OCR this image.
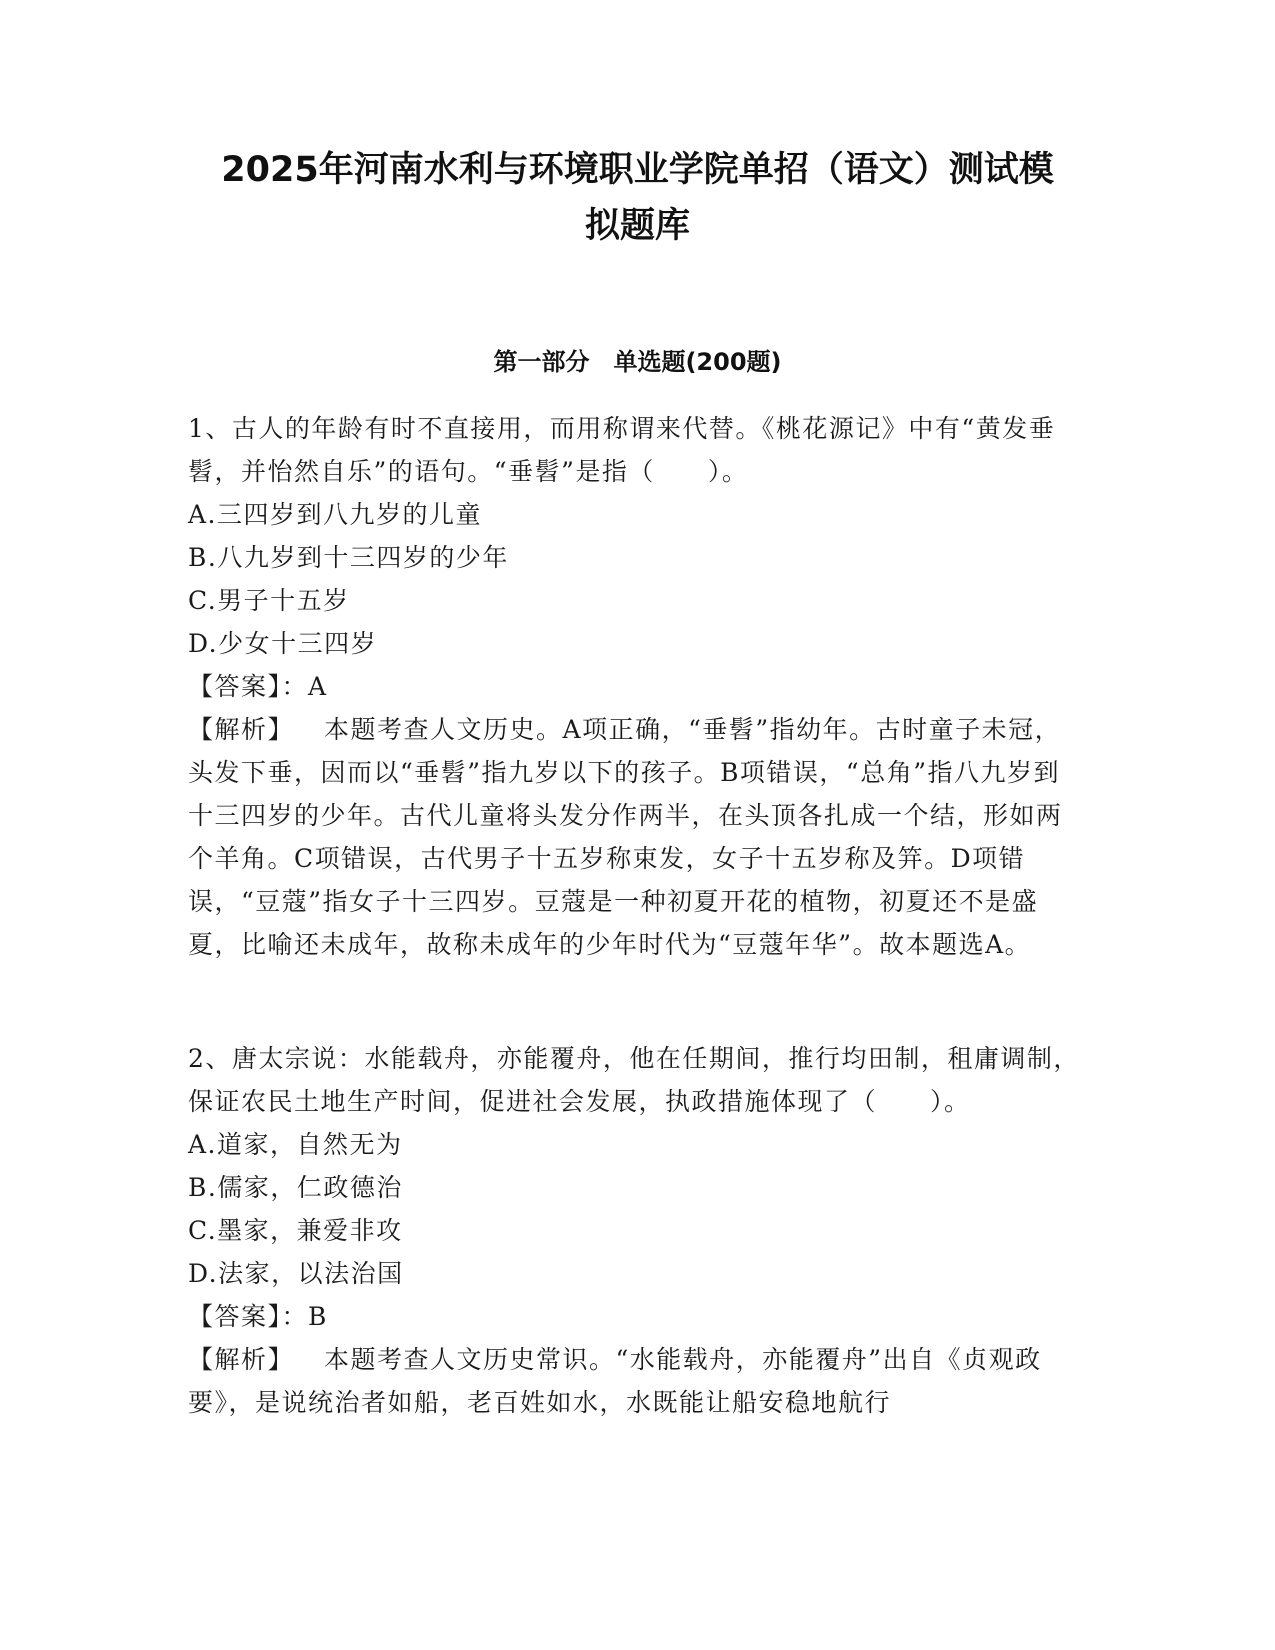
2025年河南水利与环境职业学院单招（语文）测试模
拟题库
第一部分　单选题(200题)

1、古人的年龄有时不直接用，而用称谓来代替。《桃花源记》中有“黄发垂髫，并怡然自乐”的语句。“垂髫”是指（　　）。

A.三四岁到八九岁的儿童

B.八九岁到十三四岁的少年

C.男子十五岁

D.少女十三四岁

【答案】：A

【解析】 本题考查人文历史。A项正确，“垂髫”指幼年。古时童子未冠，头发下垂，因而以“垂髫”指九岁以下的孩子。B项错误，“总角”指八九岁到十三四岁的少年。古代儿童将头发分作两半，在头顶各扎成一个结，形如两个羊角。C项错误，古代男子十五岁称束发，女子十五岁称及笄。D项错误，“豆蔻”指女子十三四岁。豆蔻是一种初夏开花的植物，初夏还不是盛夏，比喻还未成年，故称未成年的少年时代为“豆蔻年华”。故本题选A。

2、唐太宗说：水能载舟，亦能覆舟，他在任期间，推行均田制，租庸调制，保证农民土地生产时间，促进社会发展，执政措施体现了（　　）。

A.道家，自然无为

B.儒家，仁政德治

C.墨家，兼爱非攻

D.法家，以法治国

【答案】：B

【解析】 本题考查人文历史常识。“水能载舟，亦能覆舟”出自《贞观政要》，是说统治者如船，老百姓如水，水既能让船安稳地航行
